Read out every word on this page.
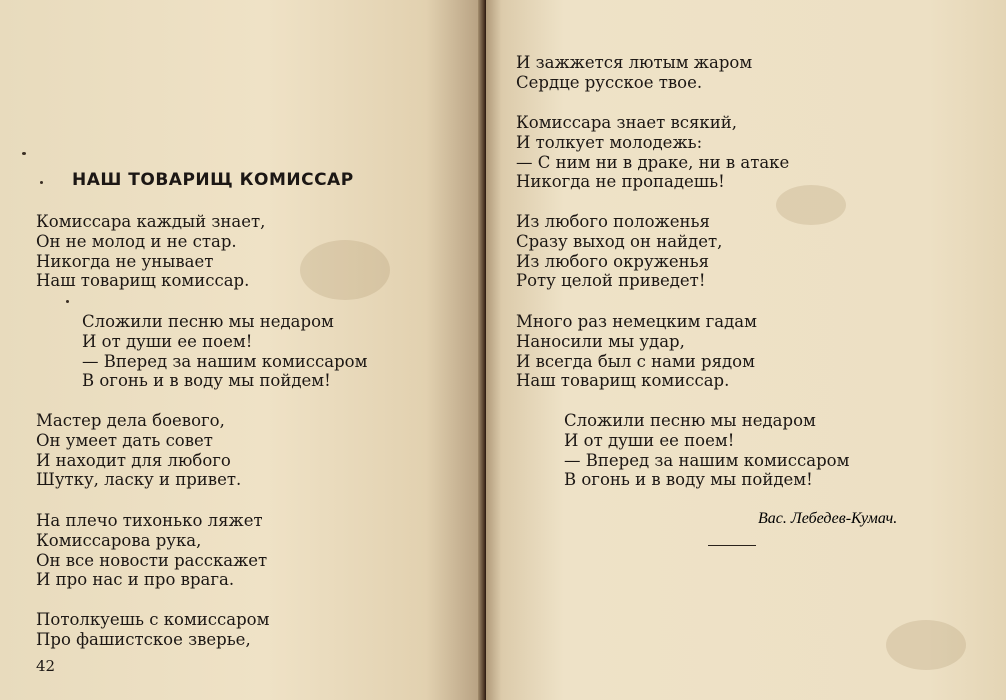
НАШ ТОВАРИЩ КОМИССАР
Комиссара каждый знает,
Он не молод и не стар.
Никогда не унывает
Наш товарищ комиссар.
Сложили песню мы недаром
И от души ее поем!
— Вперед за нашим комиссаром
В огонь и в воду мы пойдем!
Мастер дела боевого,
Он умеет дать совет
И находит для любого
Шутку, ласку и привет.
На плечо тихонько ляжет
Комиссарова рука,
Он все новости расскажет
И про нас и про врага.
Потолкуешь с комиссаром
Про фашистское зверье,
42
И зажжется лютым жаром
Сердце русское твое.
Комиссара знает всякий,
И толкует молодежь:
— С ним ни в драке, ни в атаке
Никогда не пропадешь!
Из любого положенья
Сразу выход он найдет,
Из любого окруженья
Роту целой приведет!
Много раз немецким гадам
Наносили мы удар,
И всегда был с нами рядом
Наш товарищ комиссар.
Сложили песню мы недаром
И от души ее поем!
— Вперед за нашим комиссаром
В огонь и в воду мы пойдем!
Вас. Лебедев-Кумач.
